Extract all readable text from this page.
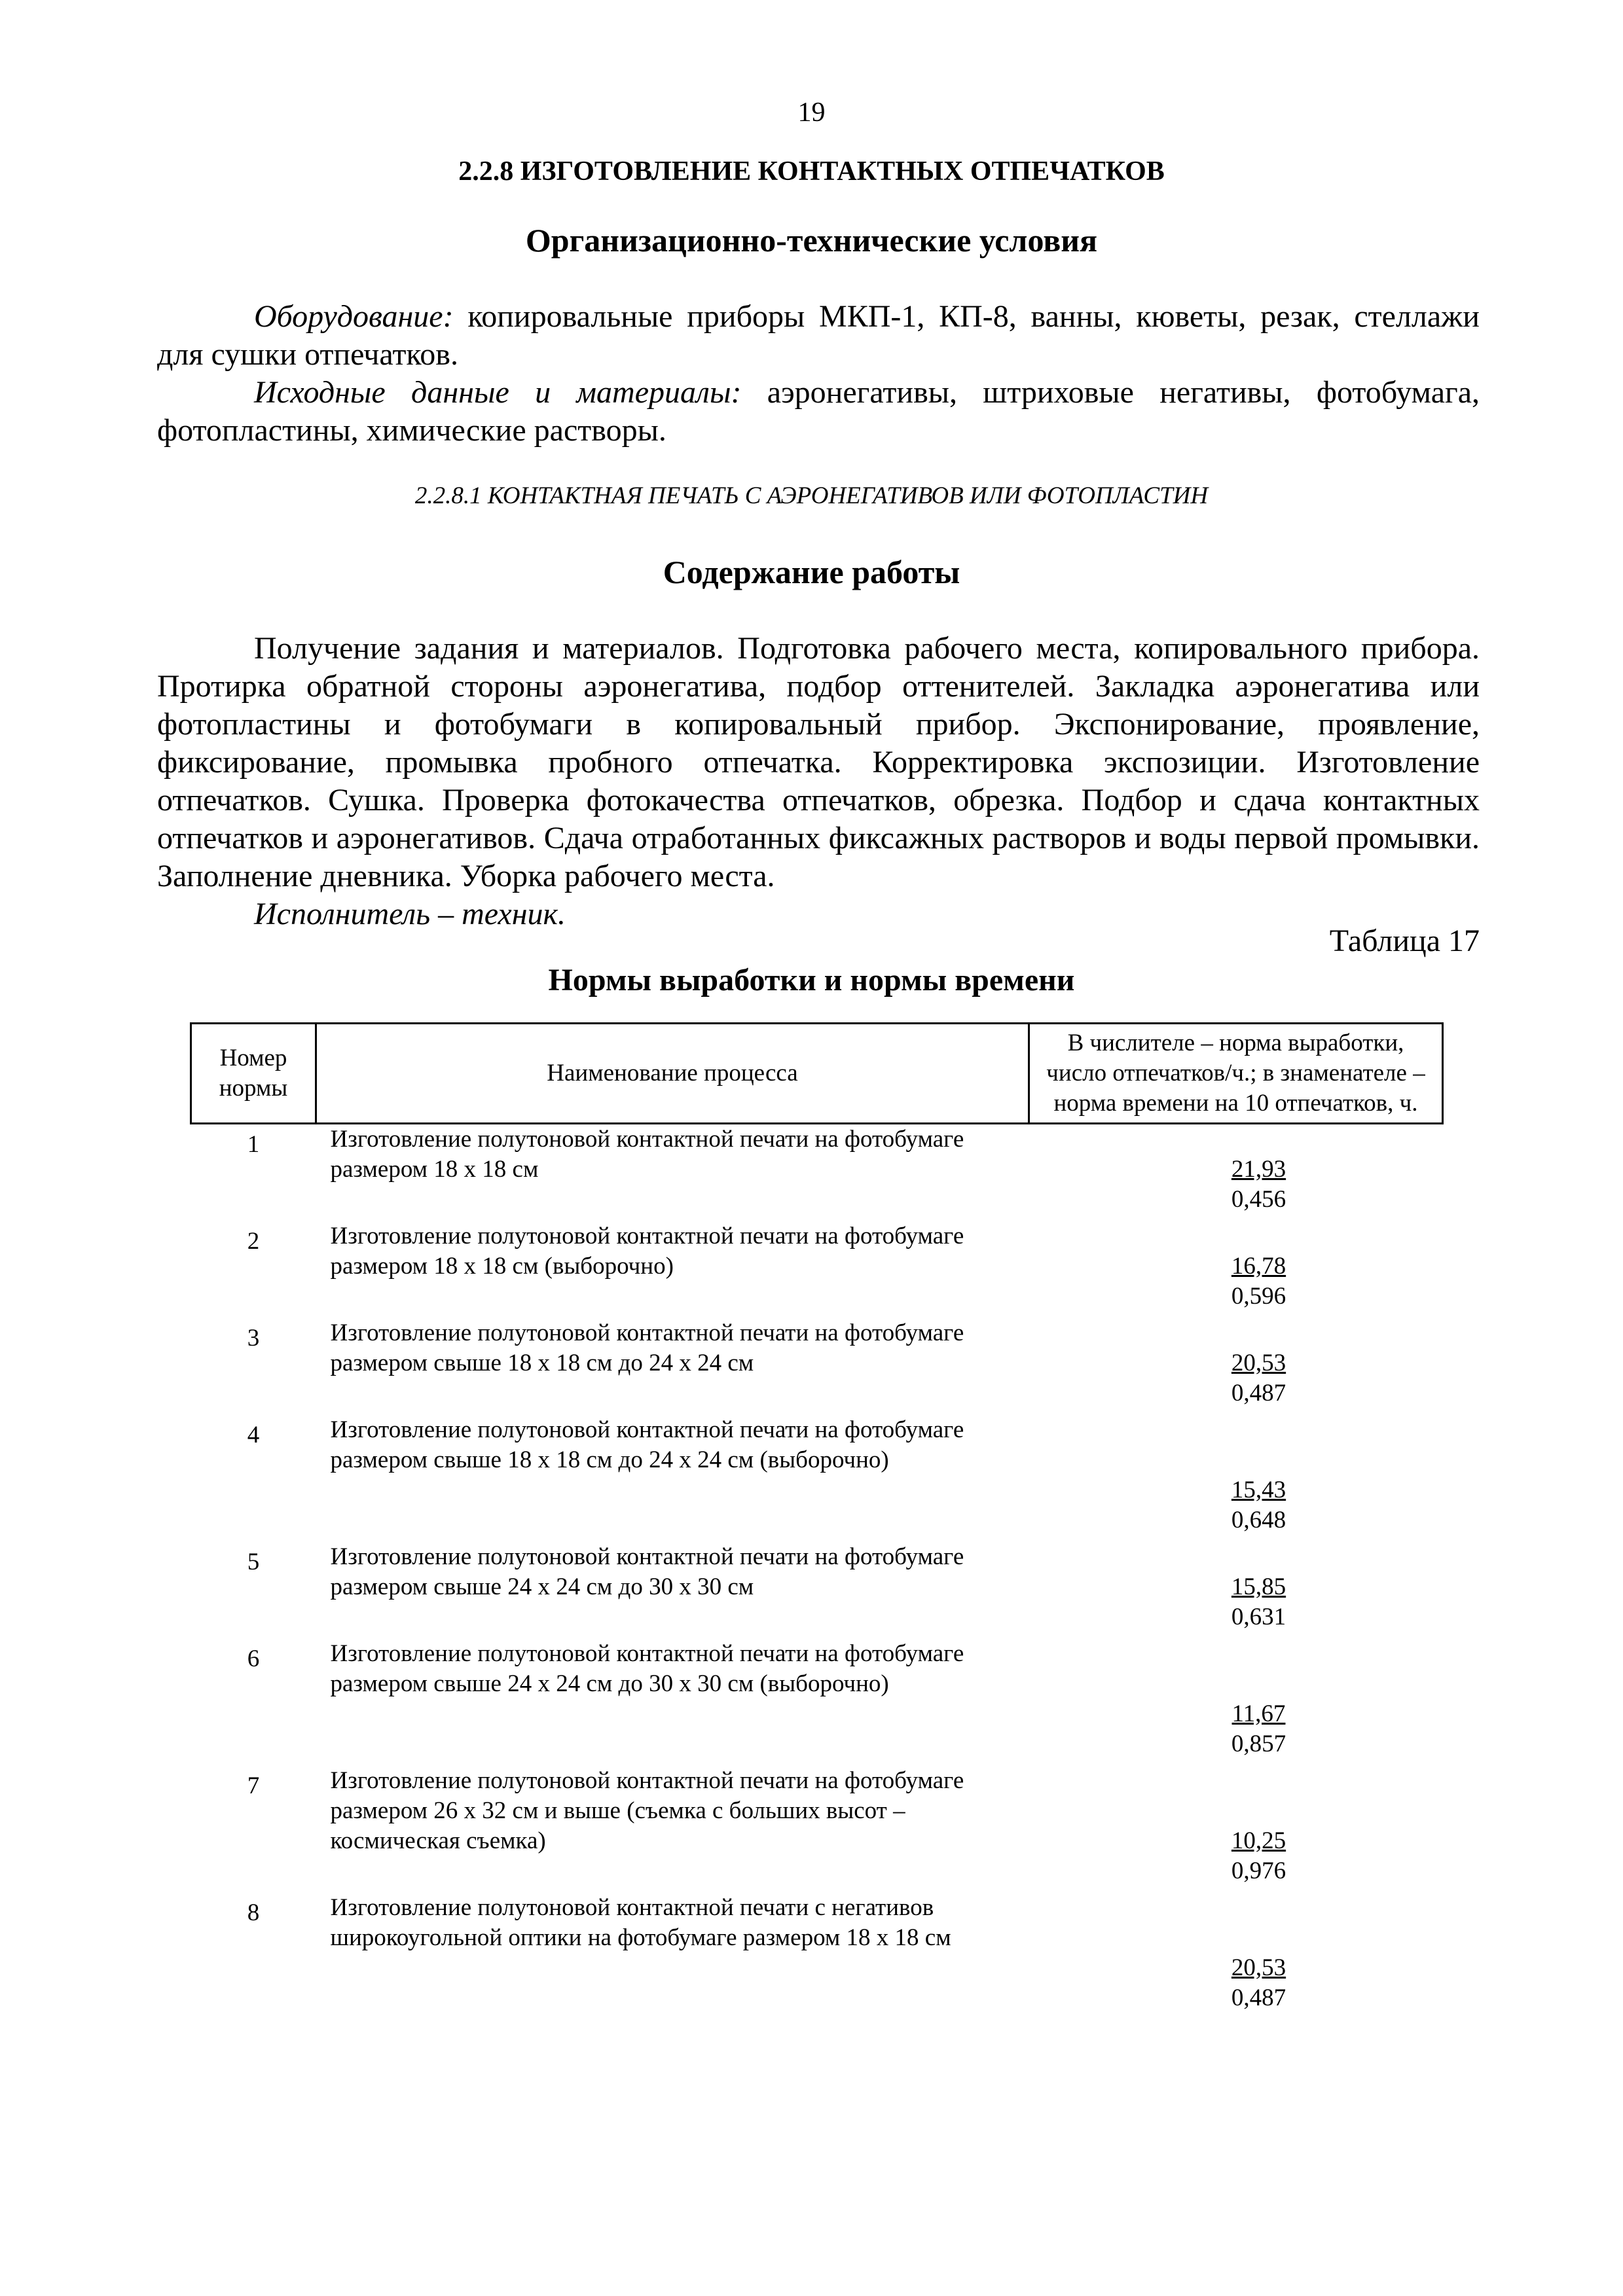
19
2.2.8 ИЗГОТОВЛЕНИЕ КОНТАКТНЫХ ОТПЕЧАТКОВ
Организационно-технические условия
Оборудование: копировальные приборы МКП-1, КП-8, ванны, кюветы, резак, стеллажи для сушки отпечатков.
Исходные данные и материалы: аэронегативы, штриховые негативы, фотобумага, фотопластины, химические растворы.
2.2.8.1 КОНТАКТНАЯ ПЕЧАТЬ С АЭРОНЕГАТИВОВ ИЛИ ФОТОПЛАСТИН
Содержание работы
Получение задания и материалов. Подготовка рабочего места, копировального прибора. Протирка обратной стороны аэронегатива, подбор оттенителей. Закладка аэронегатива или фотопластины и фотобумаги в копировальный прибор. Экспонирование, проявление, фиксирование, промывка пробного отпечатка. Корректировка экспозиции. Изготовление отпечатков. Сушка. Проверка фотокачества отпечатков, обрезка. Подбор и сдача контактных отпечатков и аэронегативов. Сдача отработанных фиксажных растворов и воды первой промывки. Заполнение дневника. Уборка рабочего места.
Исполнитель – техник.
Таблица 17
Нормы выработки и нормы времени
Номер нормы	Наименование процесса	В числителе – норма выработки, число отпечатков/ч.; в знаменателе – норма времени на 10 отпечатков, ч.
1	Изготовление полутоновой контактной печати на фотобумаге размером 18 х 18 см	$\frac{21,93}{0,456}$

2	Изготовление полутоновой контактной печати на фотобумаге размером 18 х 18 см (выборочно)	$\frac{16,78}{0,596}$

3	Изготовление полутоновой контактной печати на фотобумаге размером свыше 18 х 18 см до 24 х 24 см	$\frac{20,53}{0,487}$

4	Изготовление полутоновой контактной печати на фотобумаге размером свыше 18 х 18 см до 24 х 24 см (выборочно)	$\frac{15,43}{0,648}$

5	Изготовление полутоновой контактной печати на фотобумаге размером свыше 24 х 24 см до 30 х 30 см	$\frac{15,85}{0,631}$

6	Изготовление полутоновой контактной печати на фотобумаге размером свыше 24 х 24 см до 30 х 30 см (выборочно)	$\frac{11,67}{0,857}$

7	Изготовление полутоновой контактной печати на фотобумаге размером 26 х 32 см и выше (съемка с больших высот – космическая съемка)	$\frac{10,25}{0,976}$

8	Изготовление полутоновой контактной печати с негативов широкоугольной оптики на фотобумаге размером 18 х 18 см	$\frac{20,53}{0,487}$
